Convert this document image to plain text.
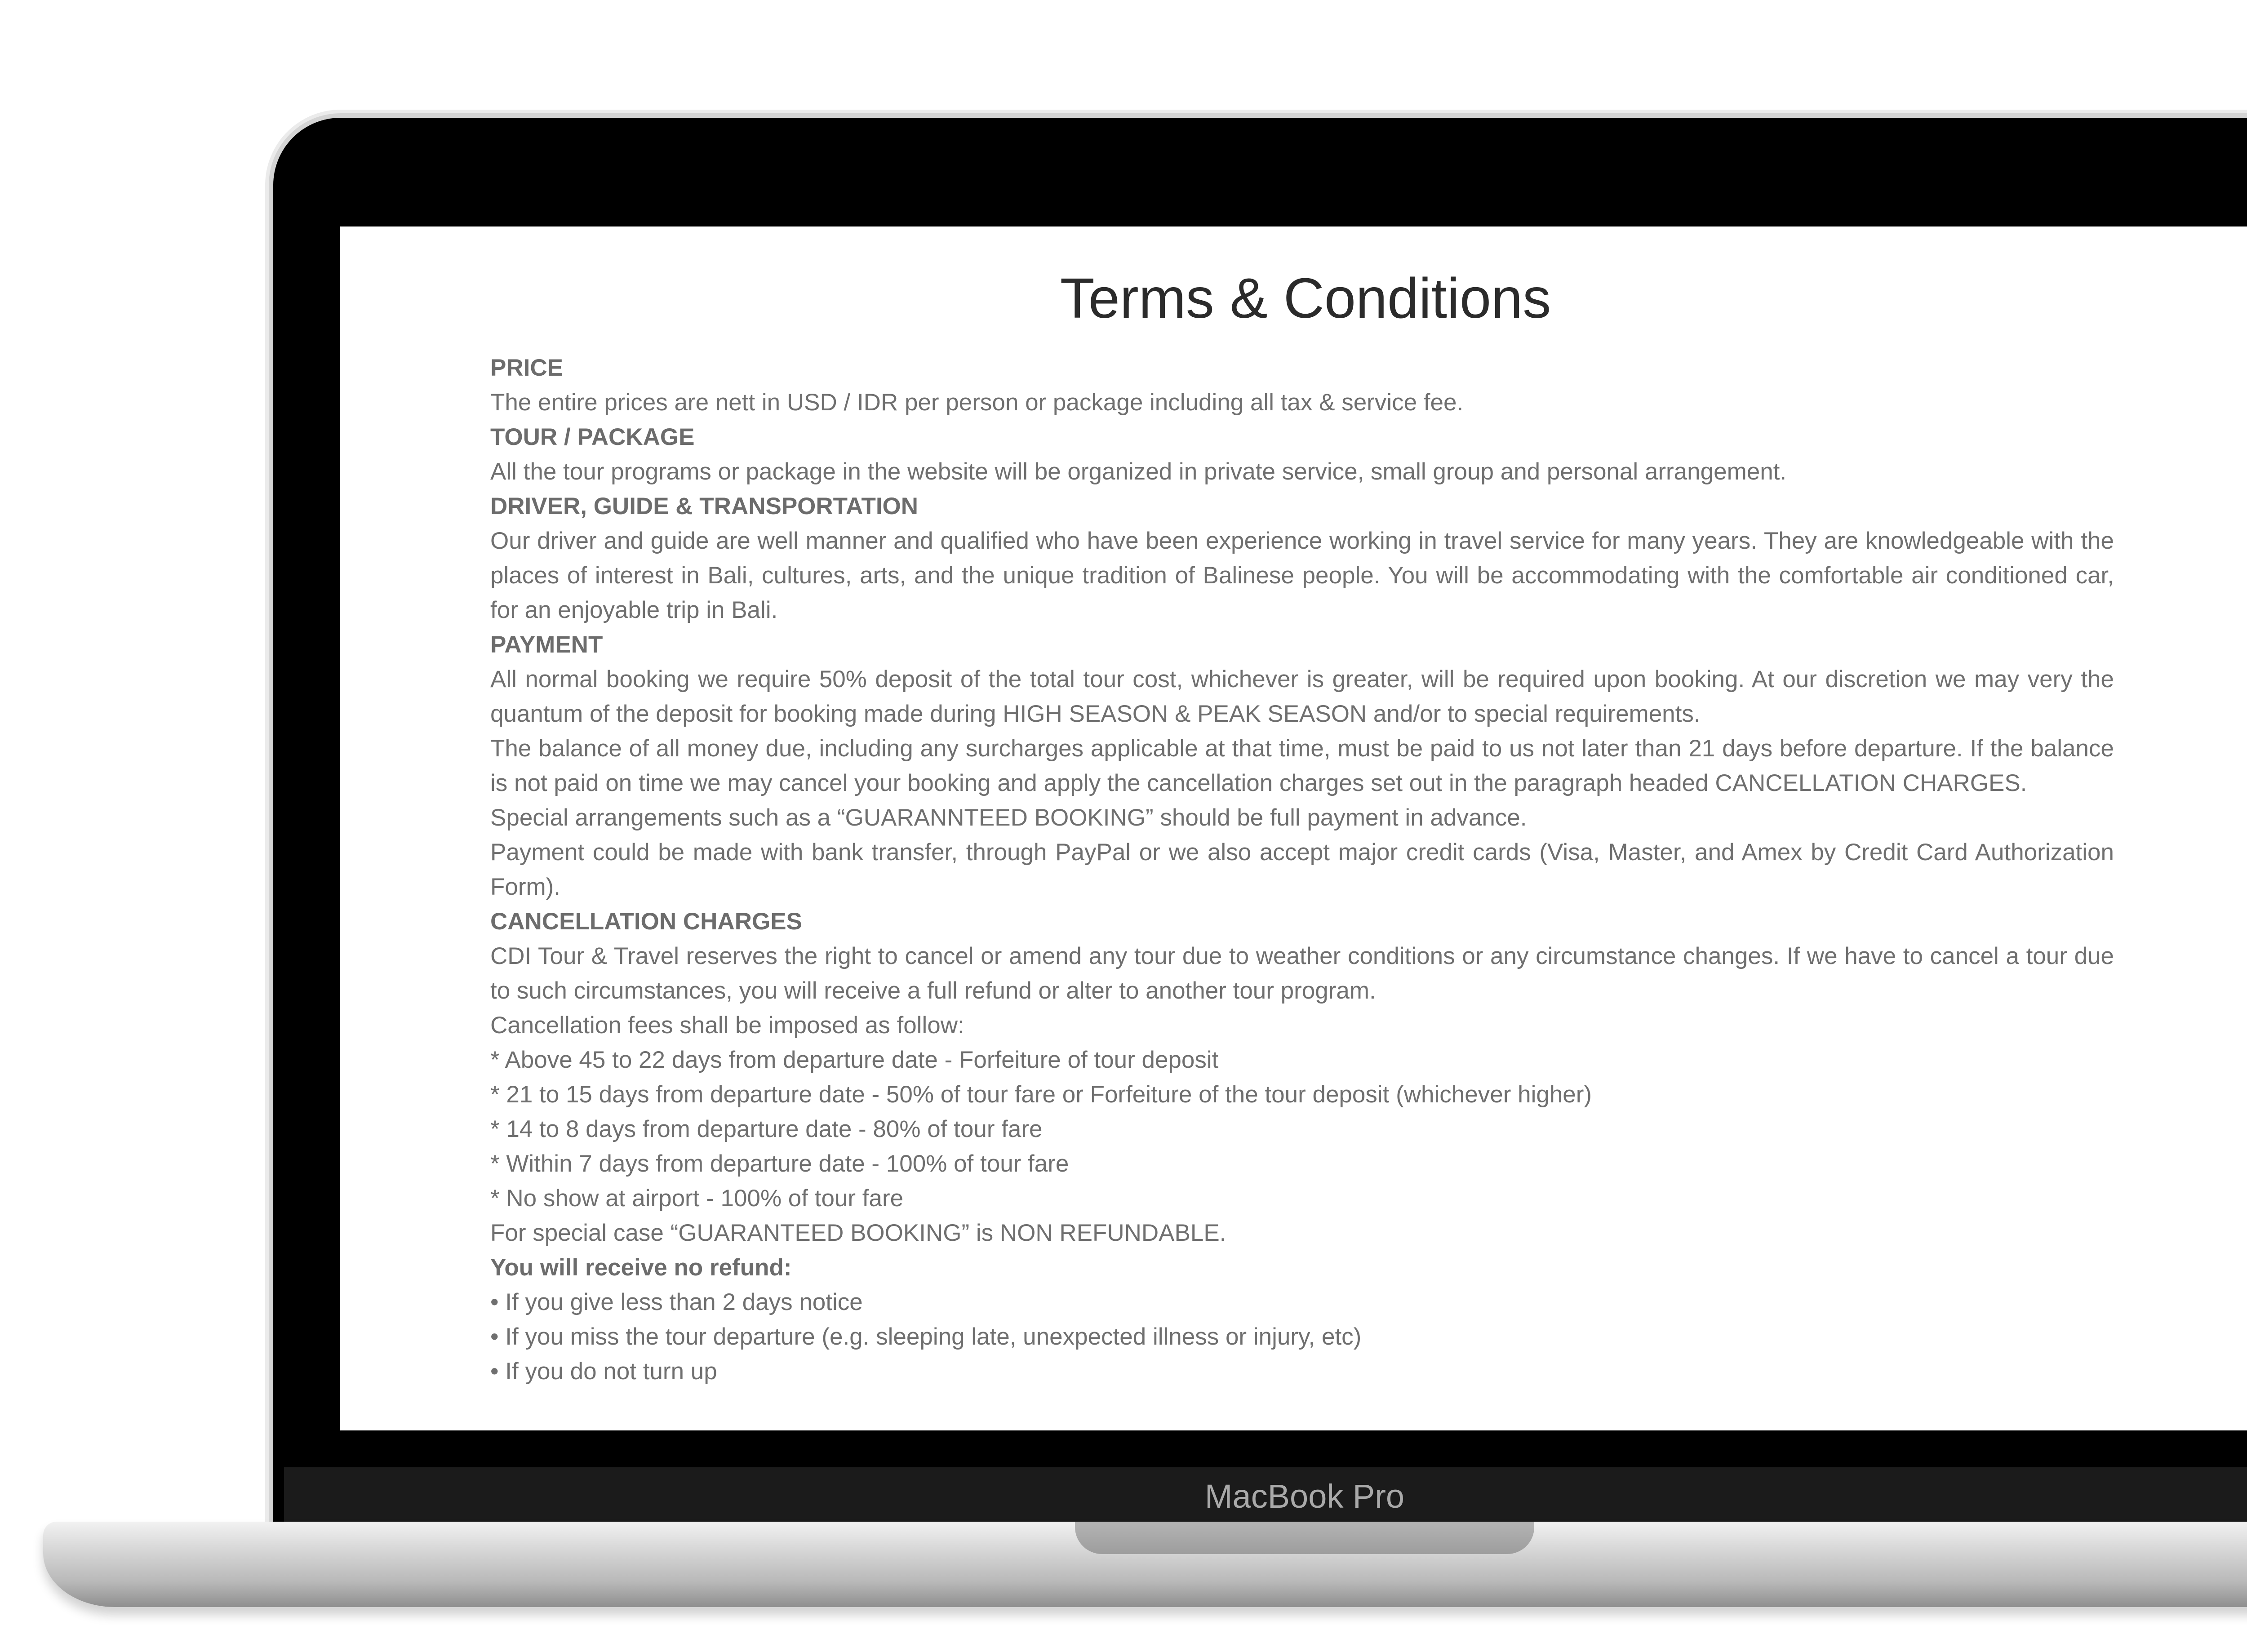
Terms & Conditions
PRICE
The entire prices are nett in USD / IDR per person or package including all tax & service fee.
TOUR / PACKAGE
All the tour programs or package in the website will be organized in private service, small group and personal arrangement.
DRIVER, GUIDE & TRANSPORTATION
Our driver and guide are well manner and qualified who have been experience working in travel service for many years. They are knowledgeable with the places of interest in Bali, cultures, arts, and the unique tradition of Balinese people. You will be accommodating with the comfortable air conditioned car, for an enjoyable trip in Bali.
PAYMENT
All normal booking we require 50% deposit of the total tour cost, whichever is greater, will be required upon booking. At our discretion we may very the quantum of the deposit for booking made during HIGH SEASON & PEAK SEASON and/or to special requirements.
The balance of all money due, including any surcharges applicable at that time, must be paid to us not later than 21 days before departure. If the balance is not paid on time we may cancel your booking and apply the cancellation charges set out in the paragraph headed CANCELLATION CHARGES.
Special arrangements such as a “GUARANNTEED BOOKING” should be full payment in advance.
Payment could be made with bank transfer, through PayPal or we also accept major credit cards (Visa, Master, and Amex by Credit Card Authorization Form).
CANCELLATION CHARGES
CDI Tour & Travel reserves the right to cancel or amend any tour due to weather conditions or any circumstance changes. If we have to cancel a tour due to such circumstances, you will receive a full refund or alter to another tour program.
Cancellation fees shall be imposed as follow:
* Above 45 to 22 days from departure date - Forfeiture of tour deposit
* 21 to 15 days from departure date - 50% of tour fare or Forfeiture of the tour deposit (whichever higher)
* 14 to 8 days from departure date - 80% of tour fare
* Within 7 days from departure date - 100% of tour fare
* No show at airport - 100% of tour fare
For special case “GUARANTEED BOOKING” is NON REFUNDABLE.
You will receive no refund:
• If you give less than 2 days notice
• If you miss the tour departure (e.g. sleeping late, unexpected illness or injury, etc)
• If you do not turn up
MacBook Pro
